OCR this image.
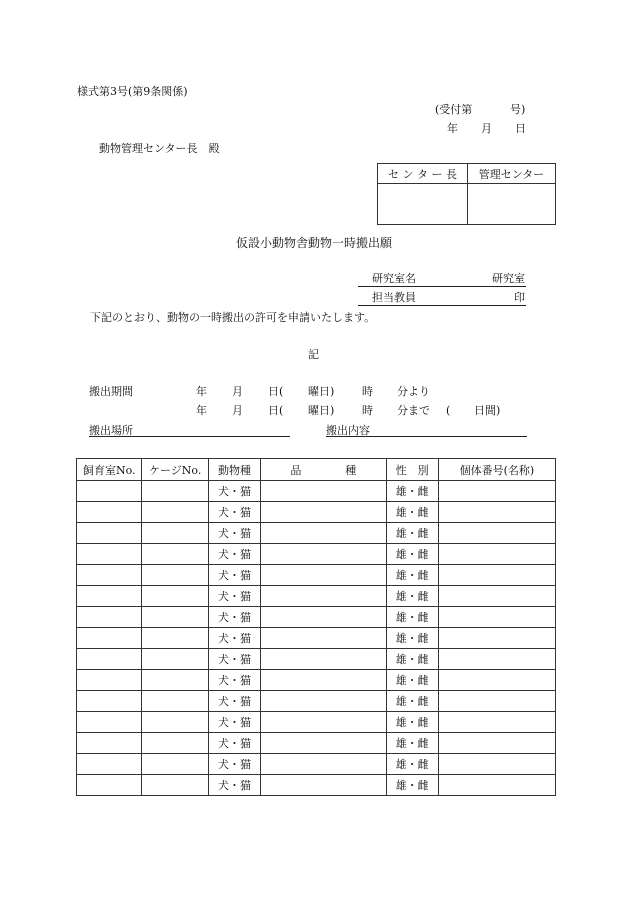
様式第3号(第9条関係)
(受付第	号)
年 月 日
動物管理センター長　殿
セ ン タ ー 長	管理センター

仮設小動物舎動物一時搬出願
研究室名	研究室
担当教員	印
下記のとおり、動物の一時搬出の許可を申請いたします。
記
搬出期間	年 月 日( 曜日)	時 分より
年 月 日( 曜日)	時 分まで ( 日間)
搬出場所	搬出内容
飼育室No.	ケージNo.	動物種	品　　　　種	性　別	個体番号(名称)
		犬・猫		雄・雌	
		犬・猫		雄・雌	
		犬・猫		雄・雌	
		犬・猫		雄・雌	
		犬・猫		雄・雌	
		犬・猫		雄・雌	
		犬・猫		雄・雌	
		犬・猫		雄・雌	
		犬・猫		雄・雌	
		犬・猫		雄・雌	
		犬・猫		雄・雌	
		犬・猫		雄・雌	
		犬・猫		雄・雌	
		犬・猫		雄・雌	
		犬・猫		雄・雌	
